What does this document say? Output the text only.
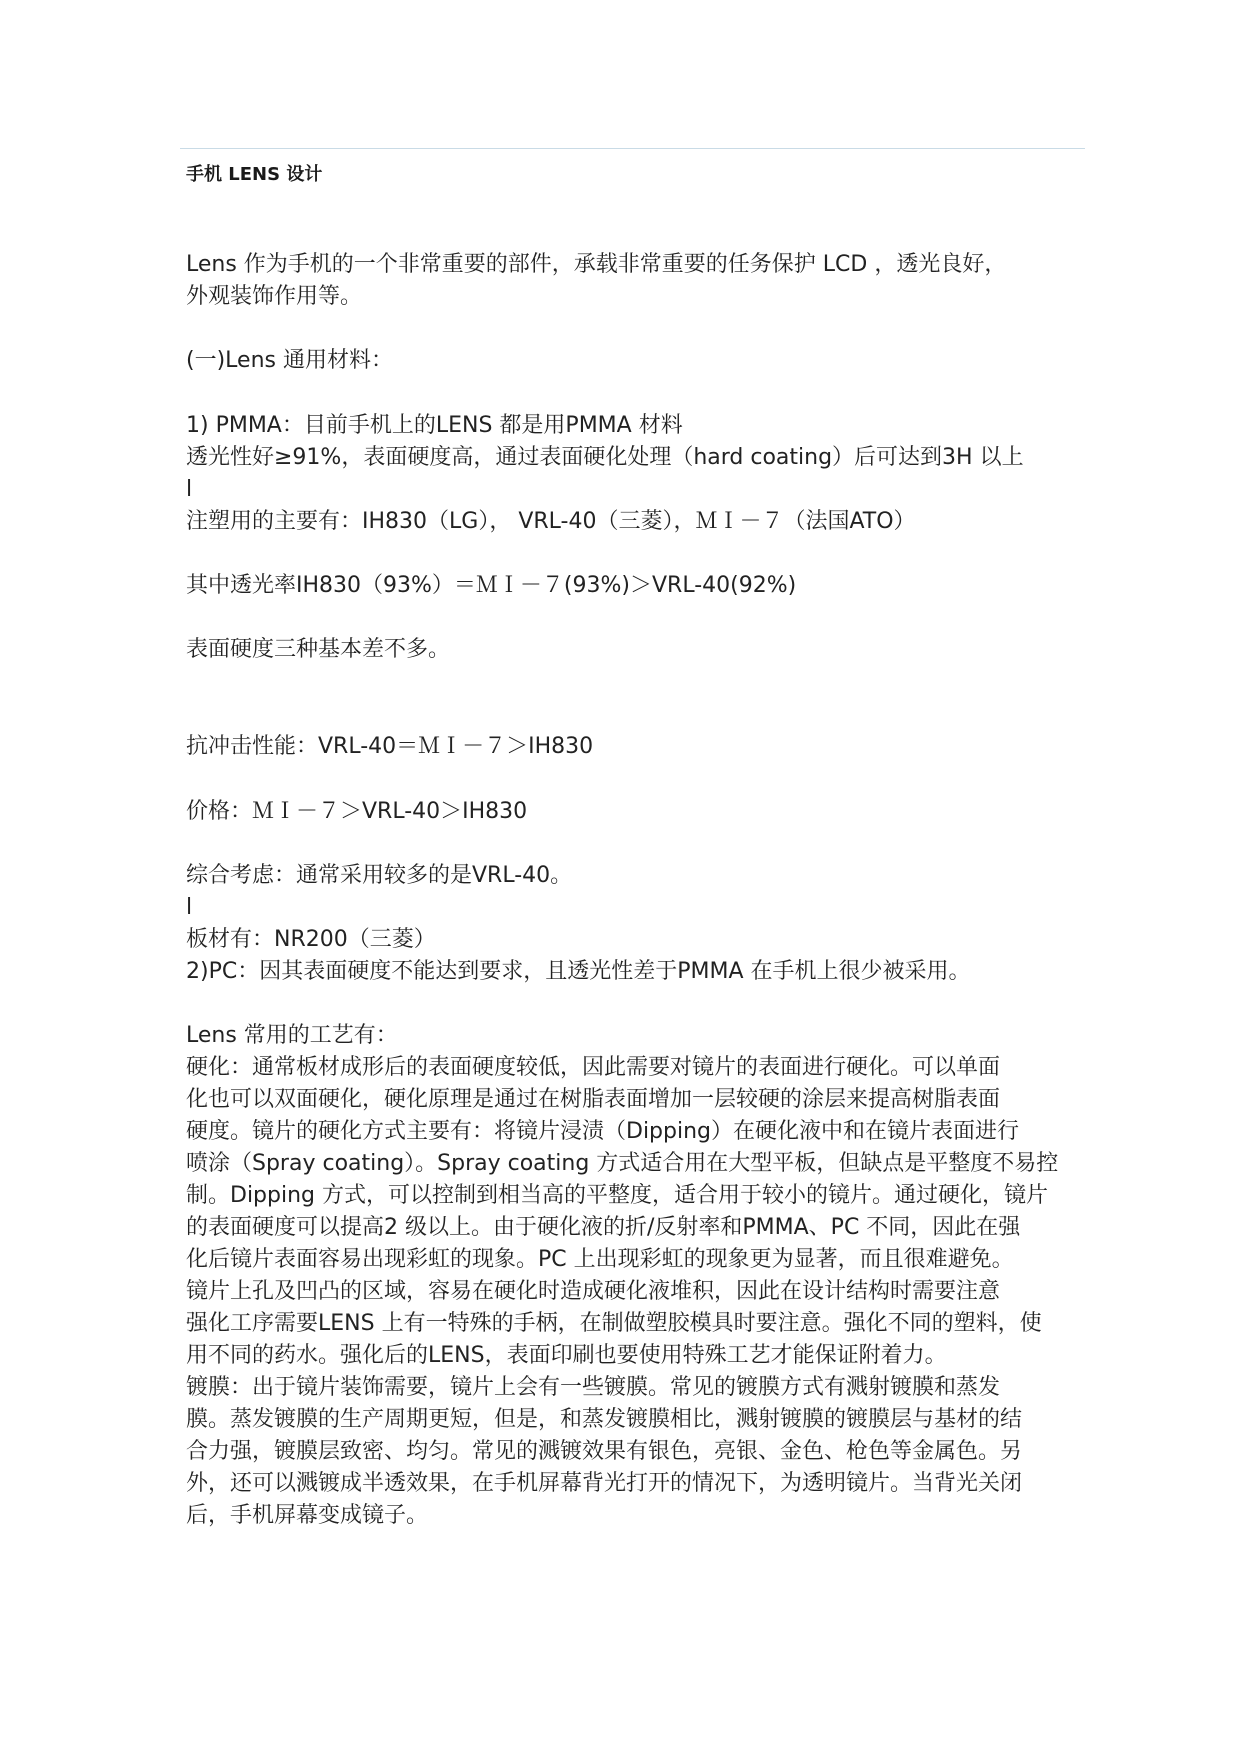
手机 LENS 设计
Lens 作为手机的一个非常重要的部件，承载非常重要的任务保护 LCD ，透光良好，
外观装饰作用等。
(一)Lens 通用材料：
1) PMMA：目前手机上的LENS 都是用PMMA 材料
透光性好≥91%，表面硬度高，通过表面硬化处理（hard coating）后可达到3H 以上
l
注塑用的主要有：IH830（LG）， VRL-40（三菱），ＭＩ－７（法国ATO）
其中透光率IH830（93%）＝ＭＩ－７(93%)＞VRL-40(92%)
表面硬度三种基本差不多。
抗冲击性能：VRL-40＝ＭＩ－７＞IH830
价格：ＭＩ－７＞VRL-40＞IH830
综合考虑：通常采用较多的是VRL-40。
l
板材有：NR200（三菱）
2)PC：因其表面硬度不能达到要求，且透光性差于PMMA 在手机上很少被采用。
Lens 常用的工艺有：
硬化：通常板材成形后的表面硬度较低，因此需要对镜片的表面进行硬化。可以单面
化也可以双面硬化，硬化原理是通过在树脂表面增加一层较硬的涂层来提高树脂表面
硬度。镜片的硬化方式主要有：将镜片浸渍（Dipping）在硬化液中和在镜片表面进行
喷涂（Spray coating）。Spray coating 方式适合用在大型平板，但缺点是平整度不易控
制。Dipping 方式，可以控制到相当高的平整度，适合用于较小的镜片。通过硬化，镜片
的表面硬度可以提高2 级以上。由于硬化液的折/反射率和PMMA、PC 不同，因此在强
化后镜片表面容易出现彩虹的现象。PC 上出现彩虹的现象更为显著，而且很难避免。
镜片上孔及凹凸的区域，容易在硬化时造成硬化液堆积，因此在设计结构时需要注意
强化工序需要LENS 上有一特殊的手柄，在制做塑胶模具时要注意。强化不同的塑料，使
用不同的药水。强化后的LENS，表面印刷也要使用特殊工艺才能保证附着力。
镀膜：出于镜片装饰需要，镜片上会有一些镀膜。常见的镀膜方式有溅射镀膜和蒸发
膜。蒸发镀膜的生产周期更短，但是，和蒸发镀膜相比，溅射镀膜的镀膜层与基材的结
合力强，镀膜层致密、均匀。常见的溅镀效果有银色，亮银、金色、枪色等金属色。另
外，还可以溅镀成半透效果，在手机屏幕背光打开的情况下，为透明镜片。当背光关闭
后，手机屏幕变成镜子。
